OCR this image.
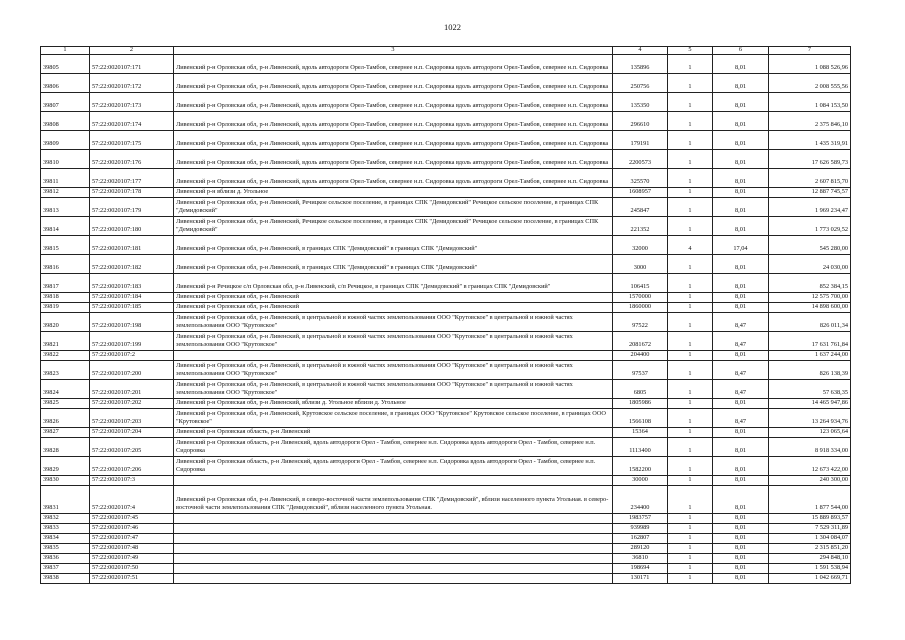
1022
1	2	3	4	5	6	7
39805	57:22:0020107:171	Ливенский р-н Орловская обл, р-н Ливенский, вдоль автодороги Орел-Тамбов, севернее н.п. Сидоровка вдоль автодороги Орел-Тамбов, севернее н.п. Сидоровка	135896	1	8,01	1 088 526,96
39806	57:22:0020107:172	Ливенский р-н Орловская обл, р-н Ливенский, вдоль автодороги Орел-Тамбов, севернее н.п. Сидоровка вдоль автодороги Орел-Тамбов, севернее н.п. Сидоровка	250756	1	8,01	2 008 555,56
39807	57:22:0020107:173	Ливенский р-н Орловская обл, р-н Ливенский, вдоль автодороги Орел-Тамбов, севернее н.п. Сидоровка вдоль автодороги Орел-Тамбов, севернее н.п. Сидоровка	135350	1	8,01	1 084 153,50
39808	57:22:0020107:174	Ливенский р-н Орловская обл, р-н Ливенский, вдоль автодороги Орел-Тамбов, севернее н.п. Сидоровка вдоль автодороги Орел-Тамбов, севернее н.п. Сидоровка	296610	1	8,01	2 375 846,10
39809	57:22:0020107:175	Ливенский р-н Орловская обл, р-н Ливенский, вдоль автодороги Орел-Тамбов, севернее н.п. Сидоровка вдоль автодороги Орел-Тамбов, севернее н.п. Сидоровка	179191	1	8,01	1 435 319,91
39810	57:22:0020107:176	Ливенский р-н Орловская обл, р-н Ливенский, вдоль автодороги Орел-Тамбов, севернее н.п. Сидоровка вдоль автодороги Орел-Тамбов, севернее н.п. Сидоровка	2200573	1	8,01	17 626 589,73
39811	57:22:0020107:177	Ливенский р-н Орловская обл, р-н Ливенский, вдоль автодороги Орел-Тамбов, севернее н.п. Сидоровка вдоль автодороги Орел-Тамбов, севернее н.п. Сидоровка	325570	1	8,01	2 607 815,70
39812	57:22:0020107:178	Ливенский р-н вблизи д. Угольное	1608957	1	8,01	12 887 745,57
39813	57:22:0020107:179	Ливенский р-н Орловская обл, р-н Ливенский, Речицкое сельское поселение, в границах СПК "Демидовский" Речицкое сельское поселение, в границах СПК "Демидовский"	245847	1	8,01	1 969 234,47
39814	57:22:0020107:180	Ливенский р-н Орловская обл, р-н Ливенский, Речицкое сельское поселение, в границах СПК "Демидовский" Речицкое сельское поселение, в границах СПК "Демидовский"	221352	1	8,01	1 773 029,52
39815	57:22:0020107:181	Ливенский р-н Орловская обл, р-н Ливенский, в границах СПК "Демидовский" в границах СПК "Демидовский"	32000	4	17,04	545 280,00
39816	57:22:0020107:182	Ливенский р-н Орловская обл, р-н Ливенский, в границах СПК "Демидовский" в границах СПК "Демидовский"	3000	1	8,01	24 030,00
39817	57:22:0020107:183	Ливенский р-н Речицкое с/п Орловская обл, р-н Ливенский, с/п Речицкое, в границах СПК "Демидовский" в границах СПК "Демидовский"	106415	1	8,01	852 384,15
39818	57:22:0020107:184	Ливенский р-н Орловская обл, р-н Ливенский	1570000	1	8,01	12 575 700,00
39819	57:22:0020107:185	Ливенский р-н Орловская обл, р-н Ливенский	1860000	1	8,01	14 898 600,00
39820	57:22:0020107:198	Ливенский р-н Орловская обл, р-н Ливенский, в центральной и южной частях землепользования ООО "Крутовское" в центральной и южной частях землепользования ООО "Крутовское"	97522	1	8,47	826 011,34
39821	57:22:0020107:199	Ливенский р-н Орловская обл, р-н Ливенский, в центральной и южной частях землепользования ООО "Крутовское" в центральной и южной частях землепользования ООО "Крутовское"	2081672	1	8,47	17 631 761,84
39822	57:22:0020107:2		204400	1	8,01	1 637 244,00
39823	57:22:0020107:200	Ливенский р-н Орловская обл, р-н Ливенский, в центральной и южной частях землепользования ООО "Крутовское" в центральной и южной частях землепользования ООО "Крутовское"	97537	1	8,47	826 138,39
39824	57:22:0020107:201	Ливенский р-н Орловская обл, р-н Ливенский, в центральной и южной частях землепользования ООО "Крутовское" в центральной и южной частях землепользования ООО "Крутовское"	6805	1	8,47	57 638,35
39825	57:22:0020107:202	Ливенский р-н Орловская обл, р-н Ливенский, вблизи д. Угольное вблизи д. Угольное	1805986	1	8,01	14 465 947,86
39826	57:22:0020107:203	Ливенский р-н Орловская обл, р-н Ливенский, Крутовское сельское поселение, в границах ООО "Крутовское" Крутовское сельское поселение, в границах ООО "Крутовское"	1566108	1	8,47	13 264 934,76
39827	57:22:0020107:204	Ливенский р-н Орловская область, р-н Ливенский	15364	1	8,01	123 065,64
39828	57:22:0020107:205	Ливенский р-н Орловская область, р-н Ливенский, вдоль автодороги Орел - Тамбов, севернее н.п. Сидоровка вдоль автодороги Орел - Тамбов, севернее н.п. Сидоровка	1113400	1	8,01	8 918 334,00
39829	57:22:0020107:206	Ливенский р-н Орловская область, р-н Ливенский, вдоль автодороги Орел - Тамбов, севернее н.п. Сидоровка вдоль автодороги Орел - Тамбов, севернее н.п. Сидоровка	1582200	1	8,01	12 673 422,00
39830	57:22:0020107:3		30000	1	8,01	240 300,00
39831	57:22:0020107:4	Ливенский р-н Орловская обл, р-н Ливенский, в северо-восточной части землепользования СПК "Демидовский", вблизи населенного пункта Угольная. в северо-восточной части землепользования СПК "Демидовский", вблизи населенного пункта Угольная.	234400	1	8,01	1 877 544,00
39832	57:22:0020107:45		1983757	1	8,01	15 889 893,57
39833	57:22:0020107:46		939989	1	8,01	7 529 311,89
39834	57:22:0020107:47		162807	1	8,01	1 304 084,07
39835	57:22:0020107:48		289120	1	8,01	2 315 851,20
39836	57:22:0020107:49		36810	1	8,01	294 848,10
39837	57:22:0020107:50		198694	1	8,01	1 591 538,94
39838	57:22:0020107:51		130171	1	8,01	1 042 669,71
